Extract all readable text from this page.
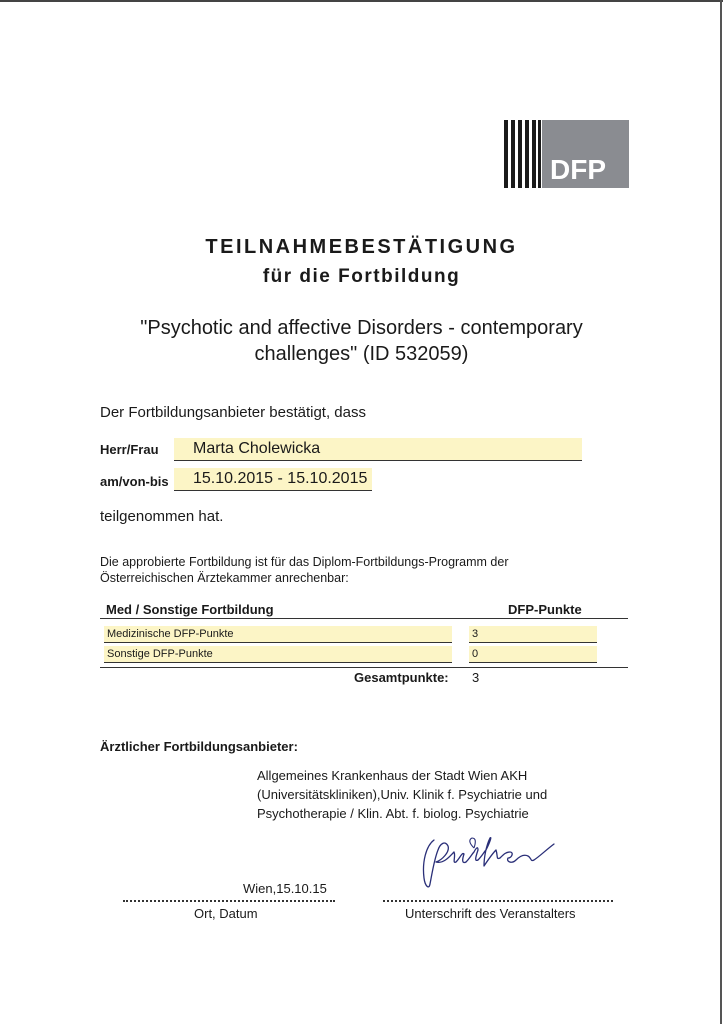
DFP
TEILNAHMEBESTÄTIGUNG
für die Fortbildung
"Psychotic and affective Disorders - contemporary
challenges" (ID 532059)
Der Fortbildungsanbieter bestätigt, dass
Herr/Frau	Marta Cholewicka
am/von-bis	15.10.2015 - 15.10.2015
teilgenommen hat.
Die approbierte Fortbildung ist für das Diplom-Fortbildungs-Programm der
Österreichischen Ärztekammer anrechenbar:
Med / Sonstige Fortbildung	DFP-Punkte
Medizinische DFP-Punkte	3
Sonstige DFP-Punkte	0
Gesamtpunkte: 3
Ärztlicher Fortbildungsanbieter:
Allgemeines Krankenhaus der Stadt Wien AKH
(Universitätskliniken),Univ. Klinik f. Psychiatrie und
Psychotherapie / Klin. Abt. f. biolog. Psychiatrie
Wien,15.10.15
Ort, Datum	Unterschrift des Veranstalters
